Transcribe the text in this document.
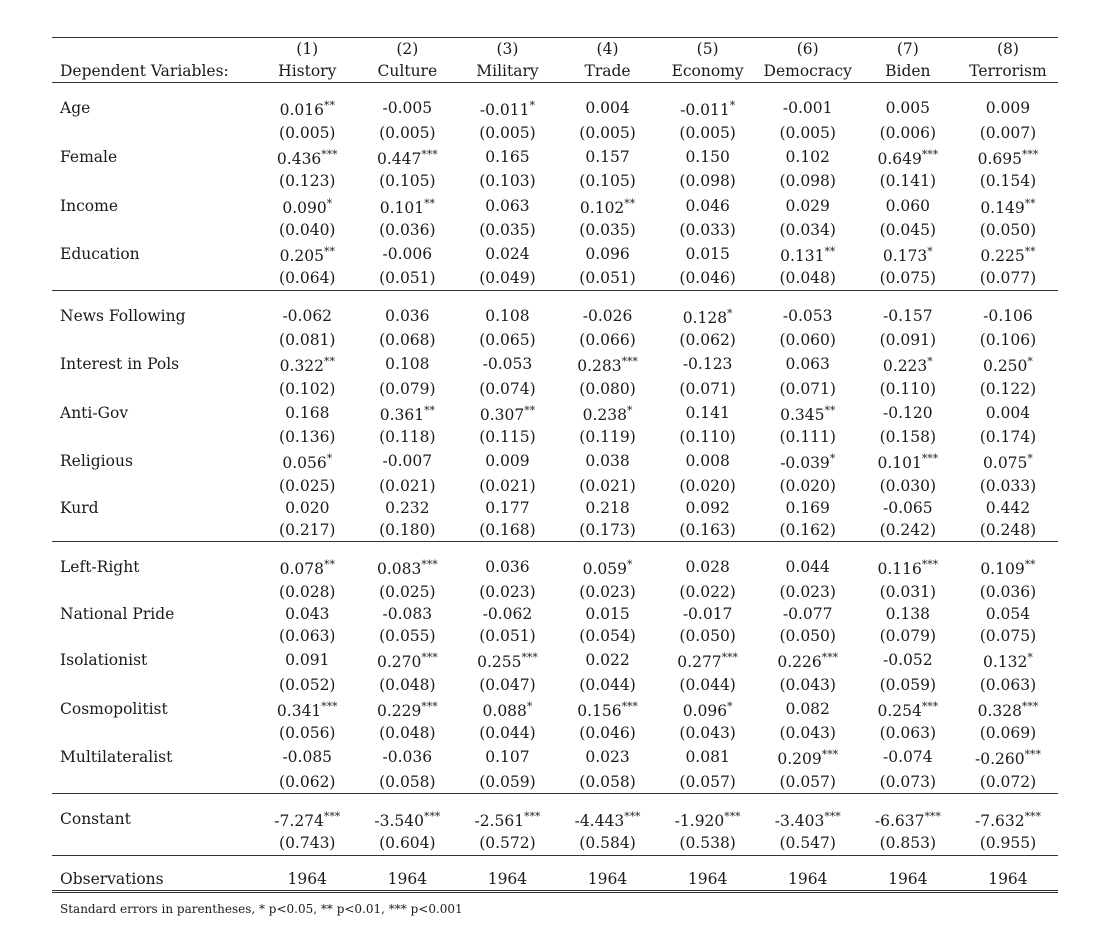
	(1)	(2)	(3)	(4)	(5)	(6)	(7)	(8)
Dependent Variables:	History	Culture	Military	Trade	Economy	Democracy	Biden	Terrorism

Age	0.016**	-0.005	-0.011*	0.004	-0.011*	-0.001	0.005	0.009
	(0.005)	(0.005)	(0.005)	(0.005)	(0.005)	(0.005)	(0.006)	(0.007)
Female	0.436***	0.447***	0.165	0.157	0.150	0.102	0.649***	0.695***
	(0.123)	(0.105)	(0.103)	(0.105)	(0.098)	(0.098)	(0.141)	(0.154)
Income	0.090*	0.101**	0.063	0.102**	0.046	0.029	0.060	0.149**
	(0.040)	(0.036)	(0.035)	(0.035)	(0.033)	(0.034)	(0.045)	(0.050)
Education	0.205**	-0.006	0.024	0.096	0.015	0.131**	0.173*	0.225**
	(0.064)	(0.051)	(0.049)	(0.051)	(0.046)	(0.048)	(0.075)	(0.077)

News Following	-0.062	0.036	0.108	-0.026	0.128*	-0.053	-0.157	-0.106
	(0.081)	(0.068)	(0.065)	(0.066)	(0.062)	(0.060)	(0.091)	(0.106)
Interest in Pols	0.322**	0.108	-0.053	0.283***	-0.123	0.063	0.223*	0.250*
	(0.102)	(0.079)	(0.074)	(0.080)	(0.071)	(0.071)	(0.110)	(0.122)
Anti-Gov	0.168	0.361**	0.307**	0.238*	0.141	0.345**	-0.120	0.004
	(0.136)	(0.118)	(0.115)	(0.119)	(0.110)	(0.111)	(0.158)	(0.174)
Religious	0.056*	-0.007	0.009	0.038	0.008	-0.039*	0.101***	0.075*
	(0.025)	(0.021)	(0.021)	(0.021)	(0.020)	(0.020)	(0.030)	(0.033)
Kurd	0.020	0.232	0.177	0.218	0.092	0.169	-0.065	0.442
	(0.217)	(0.180)	(0.168)	(0.173)	(0.163)	(0.162)	(0.242)	(0.248)

Left-Right	0.078**	0.083***	0.036	0.059*	0.028	0.044	0.116***	0.109**
	(0.028)	(0.025)	(0.023)	(0.023)	(0.022)	(0.023)	(0.031)	(0.036)
National Pride	0.043	-0.083	-0.062	0.015	-0.017	-0.077	0.138	0.054
	(0.063)	(0.055)	(0.051)	(0.054)	(0.050)	(0.050)	(0.079)	(0.075)
Isolationist	0.091	0.270***	0.255***	0.022	0.277***	0.226***	-0.052	0.132*
	(0.052)	(0.048)	(0.047)	(0.044)	(0.044)	(0.043)	(0.059)	(0.063)
Cosmopolitist	0.341***	0.229***	0.088*	0.156***	0.096*	0.082	0.254***	0.328***
	(0.056)	(0.048)	(0.044)	(0.046)	(0.043)	(0.043)	(0.063)	(0.069)
Multilateralist	-0.085	-0.036	0.107	0.023	0.081	0.209***	-0.074	-0.260***
	(0.062)	(0.058)	(0.059)	(0.058)	(0.057)	(0.057)	(0.073)	(0.072)

Constant	-7.274***	-3.540***	-2.561***	-4.443***	-1.920***	-3.403***	-6.637***	-7.632***
	(0.743)	(0.604)	(0.572)	(0.584)	(0.538)	(0.547)	(0.853)	(0.955)

Observations	1964	1964	1964	1964	1964	1964	1964	1964
Standard errors in parentheses, * p<0.05, ** p<0.01, *** p<0.001
